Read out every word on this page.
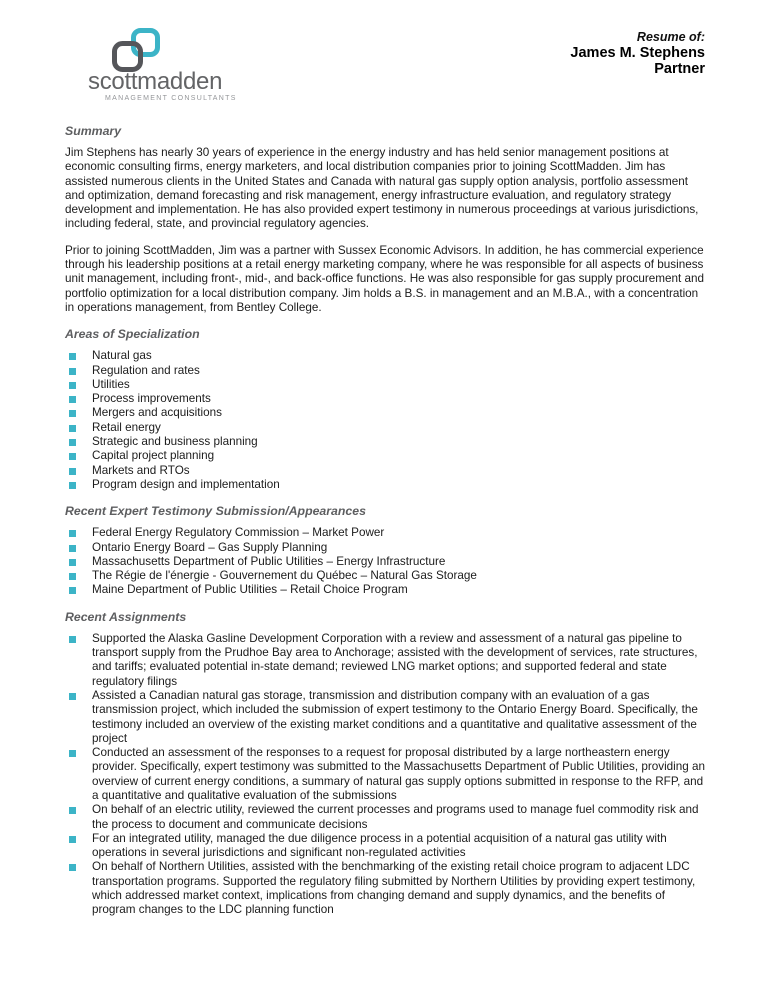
scottmadden
MANAGEMENT CONSULTANTS
Resume of:
James M. Stephens
Partner
Summary

Jim Stephens has nearly 30 years of experience in the energy industry and has held senior management positions at economic consulting firms, energy marketers, and local distribution companies prior to joining ScottMadden. Jim has assisted numerous clients in the United States and Canada with natural gas supply option analysis, portfolio assessment and optimization, demand forecasting and risk management, energy infrastructure evaluation, and regulatory strategy development and implementation. He has also provided expert testimony in numerous proceedings at various jurisdictions, including federal, state, and provincial regulatory agencies.

Prior to joining ScottMadden, Jim was a partner with Sussex Economic Advisors. In addition, he has commercial experience through his leadership positions at a retail energy marketing company, where he was responsible for all aspects of business unit management, including front-, mid-, and back-office functions. He was also responsible for gas supply procurement and portfolio optimization for a local distribution company. Jim holds a B.S. in management and an M.B.A., with a concentration in operations management, from Bentley College.

Areas of Specialization
Natural gas
Regulation and rates
Utilities
Process improvements
Mergers and acquisitions
Retail energy
Strategic and business planning
Capital project planning
Markets and RTOs
Program design and implementation
Recent Expert Testimony Submission/Appearances
Federal Energy Regulatory Commission – Market Power
Ontario Energy Board – Gas Supply Planning
Massachusetts Department of Public Utilities – Energy Infrastructure
The Régie de l'énergie - Gouvernement du Québec – Natural Gas Storage
Maine Department of Public Utilities – Retail Choice Program
Recent Assignments
Supported the Alaska Gasline Development Corporation with a review and assessment of a natural gas pipeline to transport supply from the Prudhoe Bay area to Anchorage; assisted with the development of services, rate structures, and tariffs; evaluated potential in-state demand; reviewed LNG market options; and supported federal and state regulatory filings
Assisted a Canadian natural gas storage, transmission and distribution company with an evaluation of a gas transmission project, which included the submission of expert testimony to the Ontario Energy Board. Specifically, the testimony included an overview of the existing market conditions and a quantitative and qualitative assessment of the project
Conducted an assessment of the responses to a request for proposal distributed by a large northeastern energy provider. Specifically, expert testimony was submitted to the Massachusetts Department of Public Utilities, providing an overview of current energy conditions, a summary of natural gas supply options submitted in response to the RFP, and a quantitative and qualitative evaluation of the submissions
On behalf of an electric utility, reviewed the current processes and programs used to manage fuel commodity risk and the process to document and communicate decisions
For an integrated utility, managed the due diligence process in a potential acquisition of a natural gas utility with operations in several jurisdictions and significant non-regulated activities
On behalf of Northern Utilities, assisted with the benchmarking of the existing retail choice program to adjacent LDC transportation programs. Supported the regulatory filing submitted by Northern Utilities by providing expert testimony, which addressed market context, implications from changing demand and supply dynamics, and the benefits of program changes to the LDC planning function
